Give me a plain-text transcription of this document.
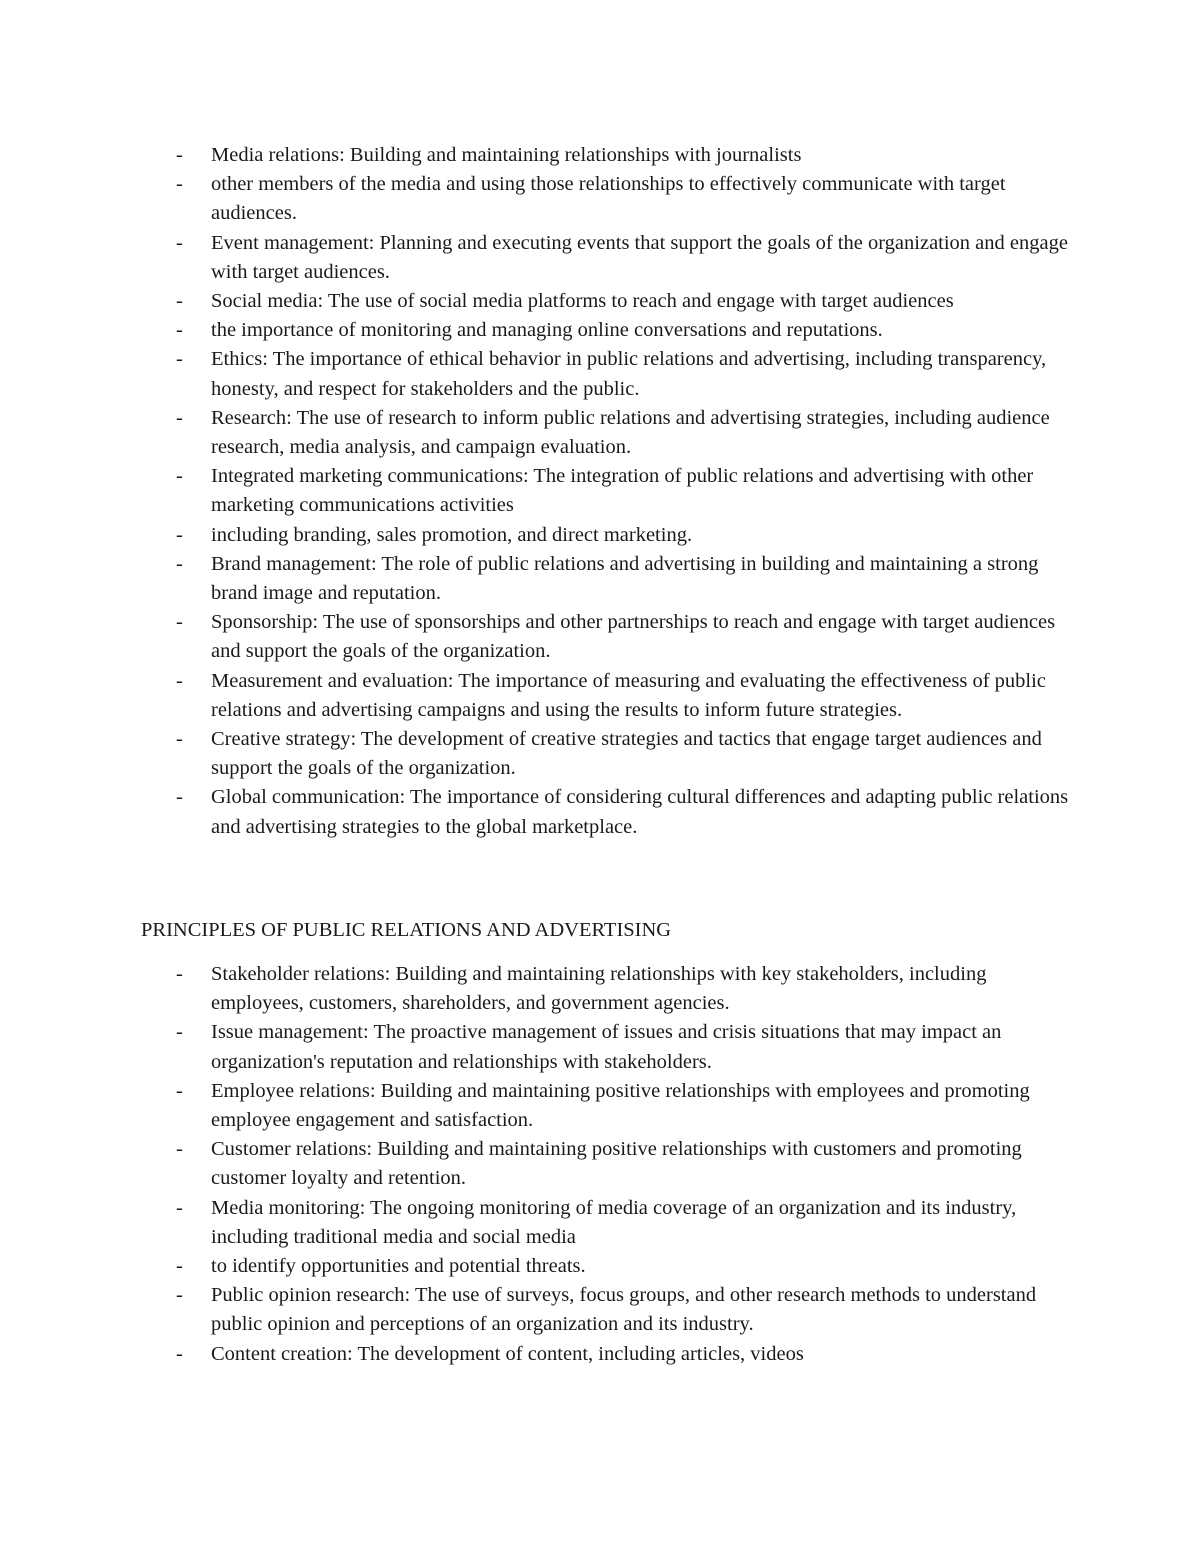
- Media relations: Building and maintaining relationships with journalists
- other members of the media and using those relationships to effectively communicate with target audiences.
- Event management: Planning and executing events that support the goals of the organization and engage with target audiences.
- Social media: The use of social media platforms to reach and engage with target audiences
- the importance of monitoring and managing online conversations and reputations.
- Ethics: The importance of ethical behavior in public relations and advertising, including transparency, honesty, and respect for stakeholders and the public.
- Research: The use of research to inform public relations and advertising strategies, including audience research, media analysis, and campaign evaluation.
- Integrated marketing communications: The integration of public relations and advertising with other marketing communications activities
- including branding, sales promotion, and direct marketing.
- Brand management: The role of public relations and advertising in building and maintaining a strong brand image and reputation.
- Sponsorship: The use of sponsorships and other partnerships to reach and engage with target audiences and support the goals of the organization.
- Measurement and evaluation: The importance of measuring and evaluating the effectiveness of public relations and advertising campaigns and using the results to inform future strategies.
- Creative strategy: The development of creative strategies and tactics that engage target audiences and support the goals of the organization.
- Global communication: The importance of considering cultural differences and adapting public relations and advertising strategies to the global marketplace.
PRINCIPLES OF PUBLIC RELATIONS AND ADVERTISING
- Stakeholder relations: Building and maintaining relationships with key stakeholders, including employees, customers, shareholders, and government agencies.
- Issue management: The proactive management of issues and crisis situations that may impact an organization's reputation and relationships with stakeholders.
- Employee relations: Building and maintaining positive relationships with employees and promoting employee engagement and satisfaction.
- Customer relations: Building and maintaining positive relationships with customers and promoting customer loyalty and retention.
- Media monitoring: The ongoing monitoring of media coverage of an organization and its industry, including traditional media and social media
- to identify opportunities and potential threats.
- Public opinion research: The use of surveys, focus groups, and other research methods to understand public opinion and perceptions of an organization and its industry.
- Content creation: The development of content, including articles, videos
